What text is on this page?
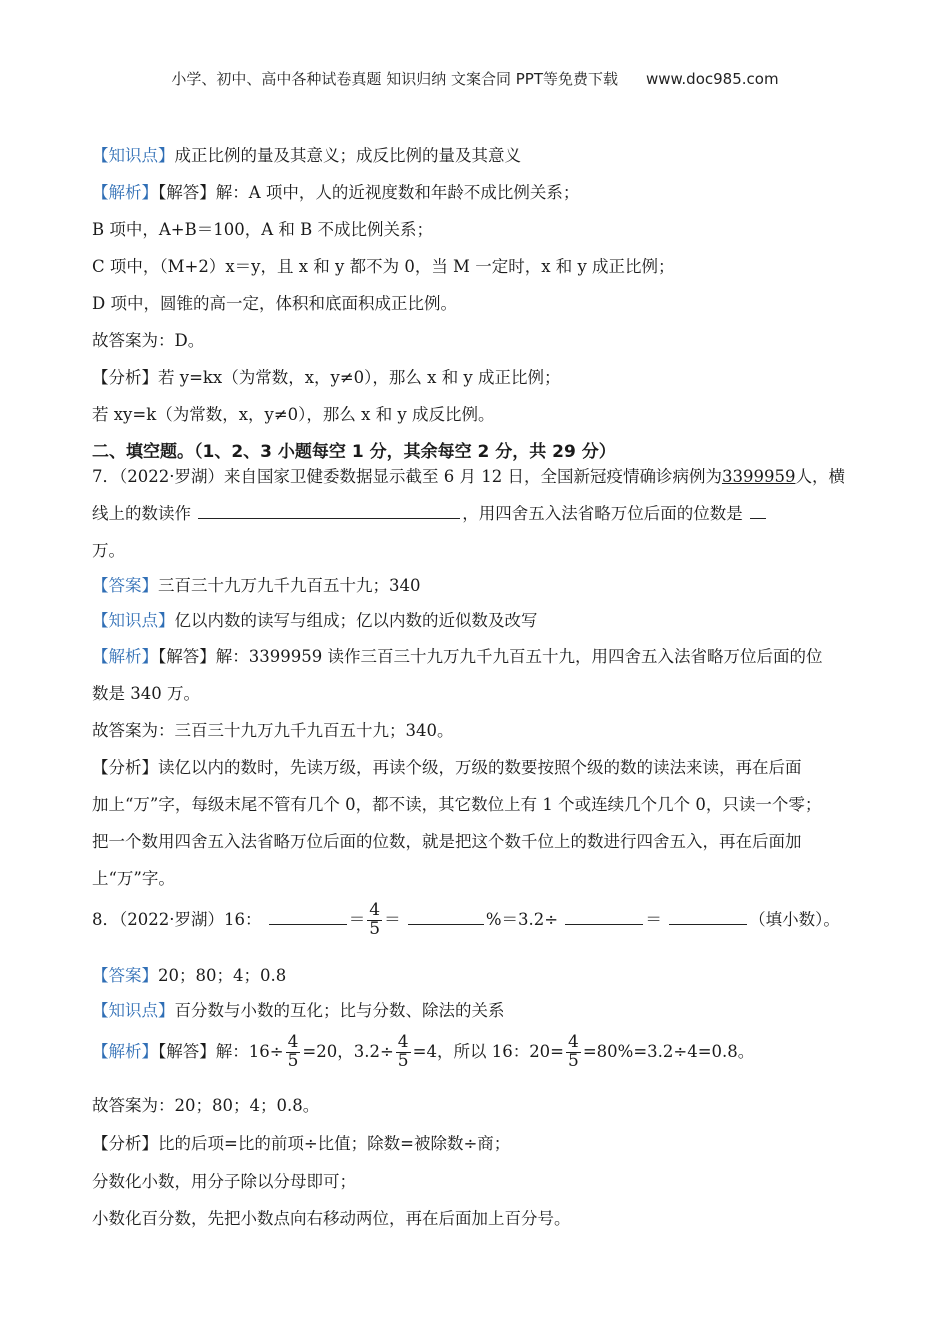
小学、初中、高中各种试卷真题 知识归纳 文案合同 PPT等免费下载 www.doc985.com
【知识点】成正比例的量及其意义；成反比例的量及其意义
【解析】【解答】解：A 项中，人的近视度数和年龄不成比例关系；
B 项中，A+B＝100，A 和 B 不成比例关系；
C 项中，（M+2）x＝y，且 x 和 y 都不为 0，当 M 一定时，x 和 y 成正比例；
D 项中，圆锥的高一定，体积和底面积成正比例。
故答案为：D。
【分析】若 y=kx（为常数，x，y≠0），那么 x 和 y 成正比例；
若 xy=k（为常数，x，y≠0），那么 x 和 y 成反比例。
二、填空题。（1、2、3 小题每空 1 分，其余每空 2 分，共 29 分）
7．（2022·罗湖）来自国家卫健委数据显示截至 6 月 12 日，全国新冠疫情确诊病例为3399959人，横
线上的数读作	，用四舍五入法省略万位后面的位数是
万。
【答案】三百三十九万九千九百五十九；340
【知识点】亿以内数的读写与组成；亿以内数的近似数及改写
【解析】【解答】解：3399959 读作三百三十九万九千九百五十九，用四舍五入法省略万位后面的位
数是 340 万。
故答案为：三百三十九万九千九百五十九；340。
【分析】读亿以内的数时，先读万级，再读个级，万级的数要按照个级的数的读法来读，再在后面
加上“万”字，每级末尾不管有几个 0，都不读，其它数位上有 1 个或连续几个几个 0，只读一个零；
把一个数用四舍五入法省略万位后面的位数，就是把这个数千位上的数进行四舍五入，再在后面加
上“万”字。
8．（2022·罗湖）16：	＝ $\frac{4}{5}$ ＝	%＝3.2÷	＝	（填小数）。
【答案】20；80；4；0.8
【知识点】百分数与小数的互化；比与分数、除法的关系
【解析】【解答】解：$16\div \frac{4}{5} =20$，$3.2\div \frac{4}{5} =4$，所以 16：$20= \frac{4}{5} =80\%=3.2\div 4=0.8$。
故答案为：20；80；4；0.8。
【分析】比的后项=比的前项÷比值；除数=被除数÷商；
分数化小数，用分子除以分母即可；
小数化百分数，先把小数点向右移动两位，再在后面加上百分号。
